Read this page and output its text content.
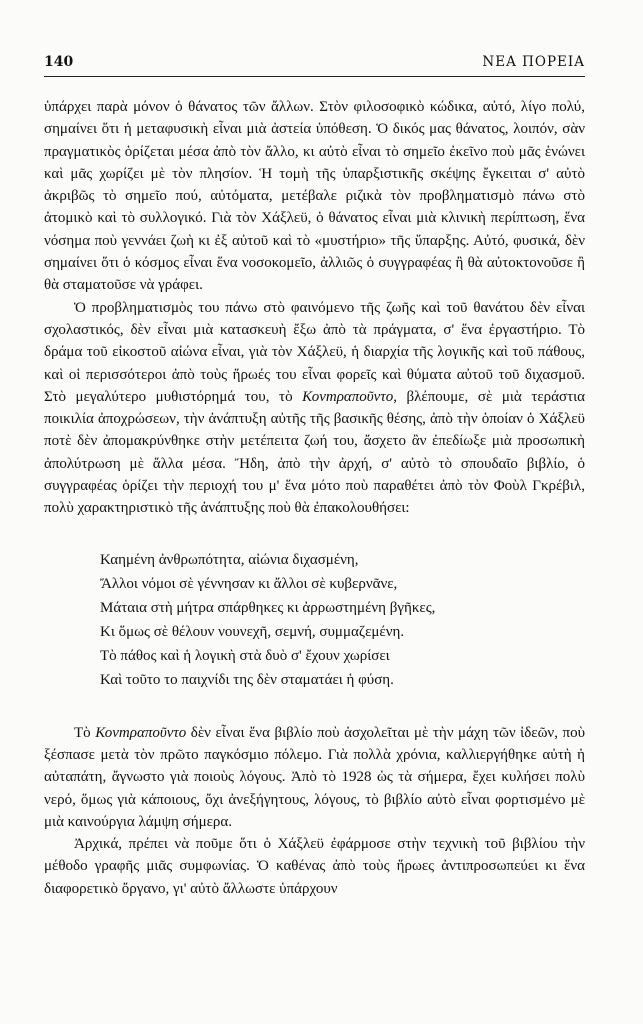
140	ΝΕΑ ΠΟΡΕΙΑ

ὑπάρχει παρὰ μόνον ὁ θάνατος τῶν ἄλλων. Στὸν φιλοσοφικὸ κώδικα, αὐτό, λίγο πολύ, σημαίνει ὅτι ἡ μεταφυσικὴ εἶναι μιὰ ἀστεία ὑπόθεση. Ὁ δικός μας θάνατος, λοιπόν, σὰν πραγματικὸς ὁρίζεται μέσα ἀπὸ τὸν ἄλλο, κι αὐτὸ εἶναι τὸ σημεῖο ἐκεῖνο ποὺ μᾶς ἑνώνει καὶ μᾶς χωρίζει μὲ τὸν πλησίον. Ἡ τομὴ τῆς ὑπαρξιστικῆς σκέψης ἔγκειται σ' αὐτὸ ἀκριβῶς τὸ σημεῖο πού, αὐτόματα, μετέβαλε ριζικὰ τὸν προβληματισμὸ πάνω στὸ ἀτομικὸ καὶ τὸ συλλογικό. Γιὰ τὸν Χάξλεϋ, ὁ θάνατος εἶναι μιὰ κλινικὴ περίπτωση, ἕνα νόσημα ποὺ γεννάει ζωὴ κι ἐξ αὐτοῦ καὶ τὸ «μυστήριο» τῆς ὕπαρξης. Αὐτό, φυσικά, δὲν σημαίνει ὅτι ὁ κόσμος εἶναι ἕνα νοσοκομεῖο, ἀλλιῶς ὁ συγγραφέας ἢ θὰ αὐτοκτονοῦσε ἢ θὰ σταματοῦσε νὰ γράφει.

Ὁ προβληματισμὸς του πάνω στὸ φαινόμενο τῆς ζωῆς καὶ τοῦ θανάτου δὲν εἶναι σχολαστικός, δὲν εἶναι μιὰ κατασκευὴ ἔξω ἀπὸ τὰ πράγματα, σ' ἕνα ἐργαστήριο. Τὸ δράμα τοῦ εἰκοστοῦ αἰώνα εἶναι, γιὰ τὸν Χάξλεϋ, ἡ διαρχία τῆς λογικῆς καὶ τοῦ πάθους, καὶ οἱ περισσότεροι ἀπὸ τοὺς ἥρωές του εἶναι φορεῖς καὶ θύματα αὐτοῦ τοῦ διχασμοῦ. Στὸ μεγαλύτερο μυθιστόρημά του, τὸ Κονтραποῦντο, βλέπουμε, σὲ μιὰ τεράστια ποικιλία ἀποχρώσεων, τὴν ἀνάπτυξη αὐτῆς τῆς βασικῆς θέσης, ἀπὸ τὴν ὁποίαν ὁ Χάξλεϋ ποτὲ δὲν ἀπομακρύνθηκε στὴν μετέπειτα ζωή του, ἄσχετο ἂν ἐπεδίωξε μιὰ προσωπικὴ ἀπολύτρωση μὲ ἄλλα μέσα. Ἤδη, ἀπὸ τὴν ἀρχή, σ' αὐτὸ τὸ σπουδαῖο βιβλίο, ὁ συγγραφέας ὁρίζει τὴν περιοχή του μ' ἕνα μότο ποὺ παραθέτει ἀπὸ τὸν Φοὺλ Γκρέβιλ, πολὺ χαρακτηριστικὸ τῆς ἀνάπτυξης ποὺ θὰ ἐπακολουθήσει:

Καημένη ἀνθρωπότητα, αἰώνια διχασμένη,
Ἄλλοι νόμοι σὲ γέννησαν κι ἄλλοι σὲ κυβερνᾶνε,
Μάταια στὴ μήτρα σπάρθηκες κι ἀρρωστημένη βγῆκες,
Κι ὅμως σὲ θέλουν νουνεχῆ, σεμνή, συμμαζεμένη.
Τὸ πάθος καὶ ἡ λογικὴ στὰ δυὸ σ' ἔχουν χωρίσει
Καὶ τοῦτο το παιχνίδι της δὲν σταματάει ἡ φύση.

Τὸ Κονтραποῦντο δὲν εἶναι ἕνα βιβλίο ποὺ ἀσχολεῖται μὲ τὴν μάχη τῶν ἰδεῶν, ποὺ ξέσπασε μετὰ τὸν πρῶτο παγκόσμιο πόλεμο. Γιὰ πολλὰ χρόνια, καλλιεργήθηκε αὐτὴ ἡ αὐταπάτη, ἄγνωστο γιὰ ποιοὺς λόγους. Ἀπὸ τὸ 1928 ὡς τὰ σήμερα, ἔχει κυλήσει πολὺ νερό, ὅμως γιὰ κάποιους, ὄχι ἀνεξήγητους, λόγους, τὸ βιβλίο αὐτὸ εἶναι φορτισμένο μὲ μιὰ καινούργια λάμψη σήμερα.

Ἀρχικά, πρέπει νὰ ποῦμε ὅτι ὁ Χάξλεϋ ἐφάρμοσε στὴν τεχνικὴ τοῦ βιβλίου τὴν μέθοδο γραφῆς μιᾶς συμφωνίας. Ὁ καθένας ἀπὸ τοὺς ἥρωες ἀντιπροσωπεύει κι ἕνα διαφορετικὸ ὄργανο, γι' αὐτὸ ἄλλωστε ὑπάρχουν
